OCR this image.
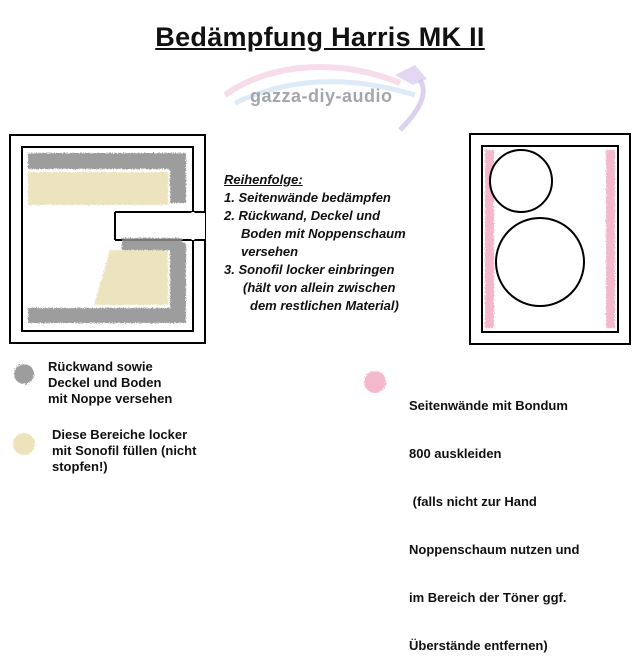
Bedämpfung Harris MK II
gazza-diy-audio
Reihenfolge:
1. Seitenwände bedämpfen
2. Rückwand, Deckel und
Boden mit Noppenschaum
versehen
3. Sonofil locker einbringen
(hält von allein zwischen
dem restlichen Material)
Rückwand sowie
Deckel und Boden
mit Noppe versehen
Diese Bereiche locker
mit Sonofil füllen (nicht
stopfen!)

Seitenwände mit Bondum

800 auskleiden

(falls nicht zur Hand

Noppenschaum nutzen und

im Bereich der Töner ggf.

Überstände entfernen)
